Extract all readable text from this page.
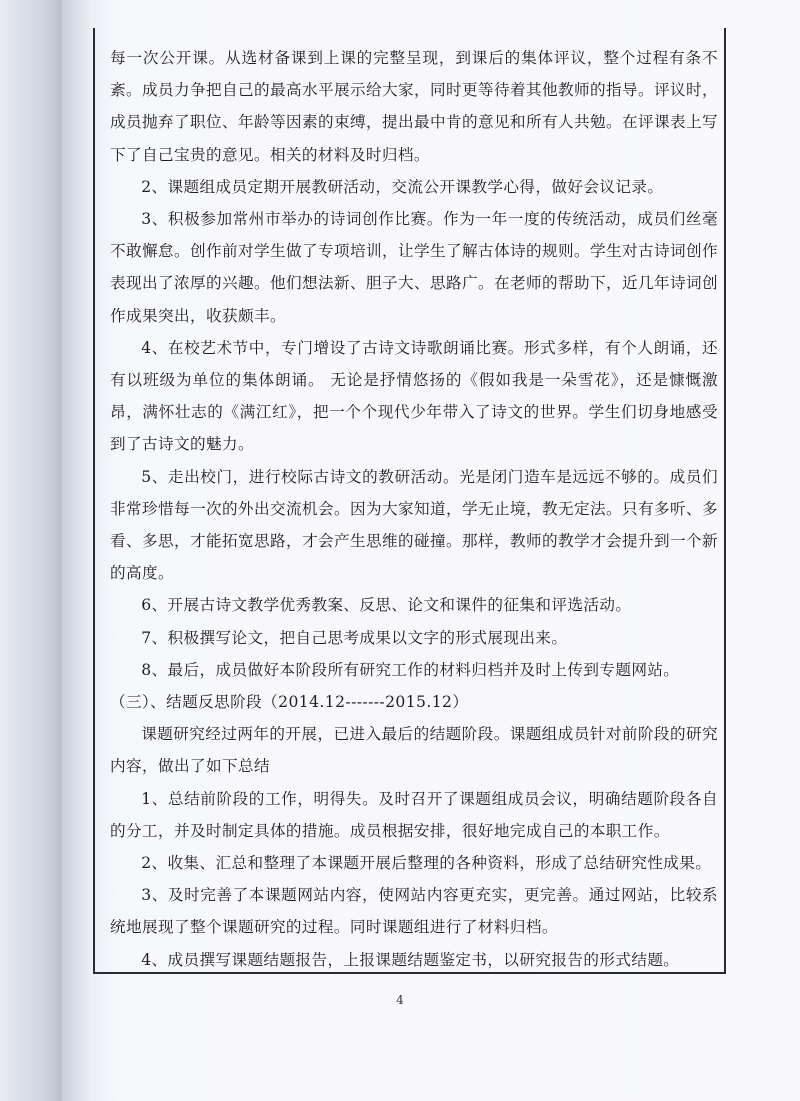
每一次公开课。从选材备课到上课的完整呈现，到课后的集体评议，整个过程有条不紊。成员力争把自己的最高水平展示给大家，同时更等待着其他教师的指导。评议时，成员抛弃了职位、年龄等因素的束缚，提出最中肯的意见和所有人共勉。在评课表上写下了自己宝贵的意见。相关的材料及时归档。

2、课题组成员定期开展教研活动，交流公开课教学心得，做好会议记录。

3、积极参加常州市举办的诗词创作比赛。作为一年一度的传统活动，成员们丝毫不敢懈怠。创作前对学生做了专项培训，让学生了解古体诗的规则。学生对古诗词创作表现出了浓厚的兴趣。他们想法新、胆子大、思路广。在老师的帮助下，近几年诗词创作成果突出，收获颇丰。

4、在校艺术节中，专门增设了古诗文诗歌朗诵比赛。形式多样，有个人朗诵，还有以班级为单位的集体朗诵。 无论是抒情悠扬的《假如我是一朵雪花》，还是慷慨激昂，满怀壮志的《满江红》，把一个个现代少年带入了诗文的世界。学生们切身地感受到了古诗文的魅力。

5、走出校门，进行校际古诗文的教研活动。光是闭门造车是远远不够的。成员们非常珍惜每一次的外出交流机会。因为大家知道，学无止境，教无定法。只有多听、多看、多思，才能拓宽思路，才会产生思维的碰撞。那样，教师的教学才会提升到一个新的高度。

6、开展古诗文教学优秀教案、反思、论文和课件的征集和评选活动。

7、积极撰写论文，把自己思考成果以文字的形式展现出来。

8、最后，成员做好本阶段所有研究工作的材料归档并及时上传到专题网站。

（三）、结题反思阶段（2014.12-------2015.12）

课题研究经过两年的开展，已进入最后的结题阶段。课题组成员针对前阶段的研究内容，做出了如下总结

1、总结前阶段的工作，明得失。及时召开了课题组成员会议，明确结题阶段各自的分工，并及时制定具体的措施。成员根据安排，很好地完成自己的本职工作。

2、收集、汇总和整理了本课题开展后整理的各种资料，形成了总结研究性成果。

3、及时完善了本课题网站内容，使网站内容更充实，更完善。通过网站，比较系统地展现了整个课题研究的过程。同时课题组进行了材料归档。

4、成员撰写课题结题报告，上报课题结题鉴定书，以研究报告的形式结题。

4
